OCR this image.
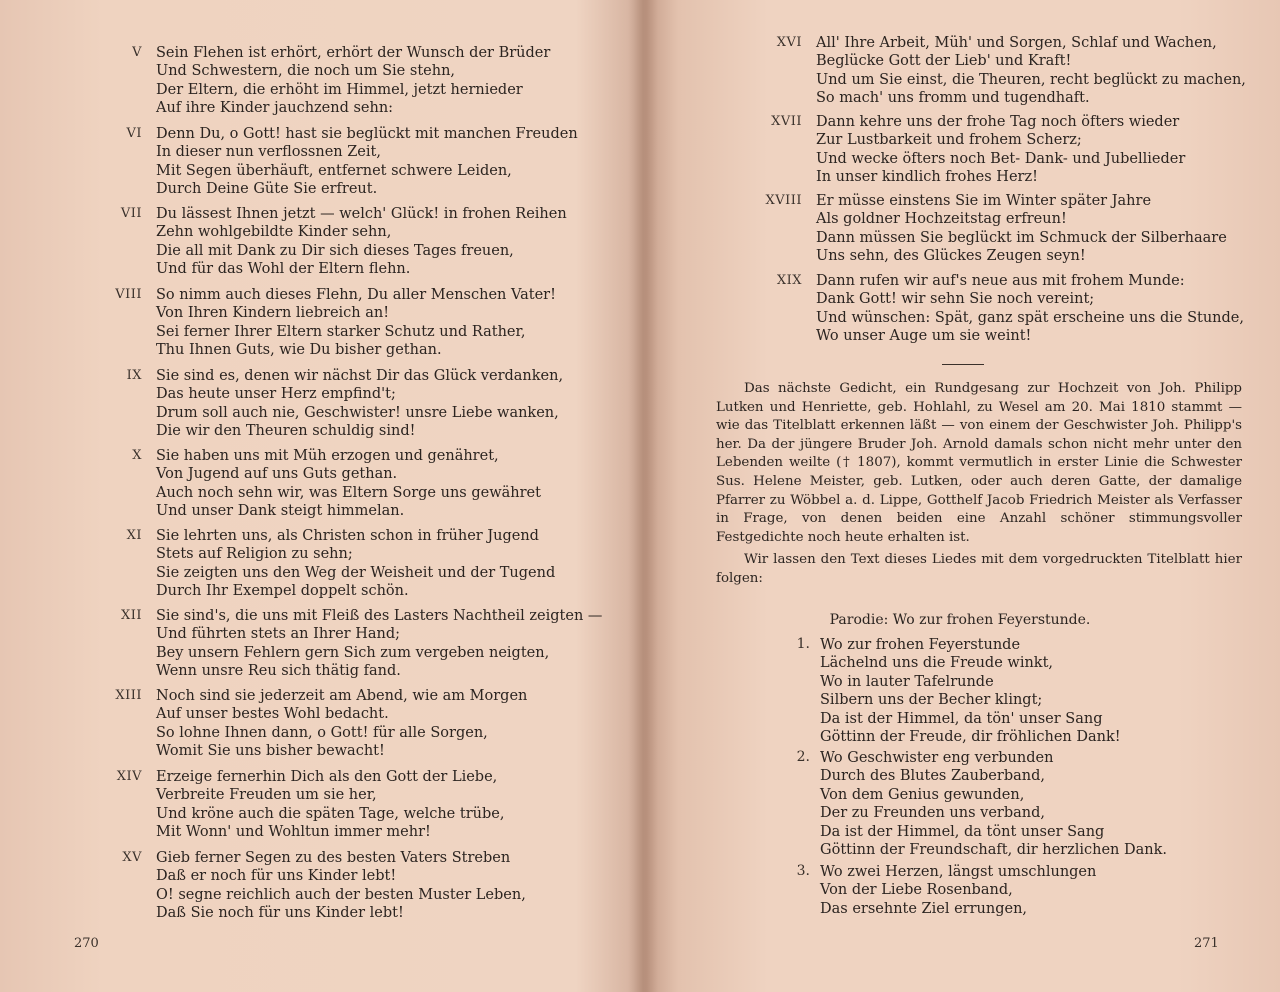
V Sein Flehen ist erhört, erhört der Wunsch der Brüder
Und Schwestern, die noch um Sie stehn,
Der Eltern, die erhöht im Himmel, jetzt hernieder
Auf ihre Kinder jauchzend sehn:
VI Denn Du, o Gott! hast sie beglückt mit manchen Freuden
In dieser nun verflossnen Zeit,
Mit Segen überhäuft, entfernet schwere Leiden,
Durch Deine Güte Sie erfreut.
VII Du lässest Ihnen jetzt — welch' Glück! in frohen Reihen
Zehn wohlgebildte Kinder sehn,
Die all mit Dank zu Dir sich dieses Tages freuen,
Und für das Wohl der Eltern flehn.
VIII So nimm auch dieses Flehn, Du aller Menschen Vater!
Von Ihren Kindern liebreich an!
Sei ferner Ihrer Eltern starker Schutz und Rather,
Thu Ihnen Guts, wie Du bisher gethan.
IX Sie sind es, denen wir nächst Dir das Glück verdanken,
Das heute unser Herz empfind't;
Drum soll auch nie, Geschwister! unsre Liebe wanken,
Die wir den Theuren schuldig sind!
X Sie haben uns mit Müh erzogen und genähret,
Von Jugend auf uns Guts gethan.
Auch noch sehn wir, was Eltern Sorge uns gewähret
Und unser Dank steigt himmelan.
XI Sie lehrten uns, als Christen schon in früher Jugend
Stets auf Religion zu sehn;
Sie zeigten uns den Weg der Weisheit und der Tugend
Durch Ihr Exempel doppelt schön.
XII Sie sind's, die uns mit Fleiß des Lasters Nachtheil zeigten —
Und führten stets an Ihrer Hand;
Bey unsern Fehlern gern Sich zum vergeben neigten,
Wenn unsre Reu sich thätig fand.
XIII Noch sind sie jederzeit am Abend, wie am Morgen
Auf unser bestes Wohl bedacht.
So lohne Ihnen dann, o Gott! für alle Sorgen,
Womit Sie uns bisher bewacht!
XIV Erzeige fernerhin Dich als den Gott der Liebe,
Verbreite Freuden um sie her,
Und kröne auch die späten Tage, welche trübe,
Mit Wonn' und Wohltun immer mehr!
XV Gieb ferner Segen zu des besten Vaters Streben
Daß er noch für uns Kinder lebt!
O! segne reichlich auch der besten Muster Leben,
Daß Sie noch für uns Kinder lebt!
270
XVI All' Ihre Arbeit, Müh' und Sorgen, Schlaf und Wachen,
Beglücke Gott der Lieb' und Kraft!
Und um Sie einst, die Theuren, recht beglückt zu machen,
So mach' uns fromm und tugendhaft.
XVII Dann kehre uns der frohe Tag noch öfters wieder
Zur Lustbarkeit und frohem Scherz;
Und wecke öfters noch Bet- Dank- und Jubellieder
In unser kindlich frohes Herz!
XVIII Er müsse einstens Sie im Winter später Jahre
Als goldner Hochzeitstag erfreun!
Dann müssen Sie beglückt im Schmuck der Silberhaare
Uns sehn, des Glückes Zeugen seyn!
XIX Dann rufen wir auf's neue aus mit frohem Munde:
Dank Gott! wir sehn Sie noch vereint;
Und wünschen: Spät, ganz spät erscheine uns die Stunde,
Wo unser Auge um sie weint!

Das nächste Gedicht, ein Rundgesang zur Hochzeit von Joh. Philipp Lutken und Henriette, geb. Hohlahl, zu Wesel am 20. Mai 1810 stammt — wie das Titelblatt erkennen läßt — von einem der Geschwister Joh. Philipp's her. Da der jüngere Bruder Joh. Arnold damals schon nicht mehr unter den Lebenden weilte († 1807), kommt vermutlich in erster Linie die Schwester Sus. Helene Meister, geb. Lutken, oder auch deren Gatte, der damalige Pfarrer zu Wöbbel a. d. Lippe, Gotthelf Jacob Friedrich Meister als Verfasser in Frage, von denen beiden eine Anzahl schöner stimmungsvoller Festgedichte noch heute erhalten ist.

Wir lassen den Text dieses Liedes mit dem vorgedruckten Titelblatt hier folgen:

Parodie: Wo zur frohen Feyerstunde.
1. Wo zur frohen Feyerstunde
Lächelnd uns die Freude winkt,
Wo in lauter Tafelrunde
Silbern uns der Becher klingt;
Da ist der Himmel, da tön' unser Sang
Göttinn der Freude, dir fröhlichen Dank!
2. Wo Geschwister eng verbunden
Durch des Blutes Zauberband,
Von dem Genius gewunden,
Der zu Freunden uns verband,
Da ist der Himmel, da tönt unser Sang
Göttinn der Freundschaft, dir herzlichen Dank.
3. Wo zwei Herzen, längst umschlungen
Von der Liebe Rosenband,
Das ersehnte Ziel errungen,
271
